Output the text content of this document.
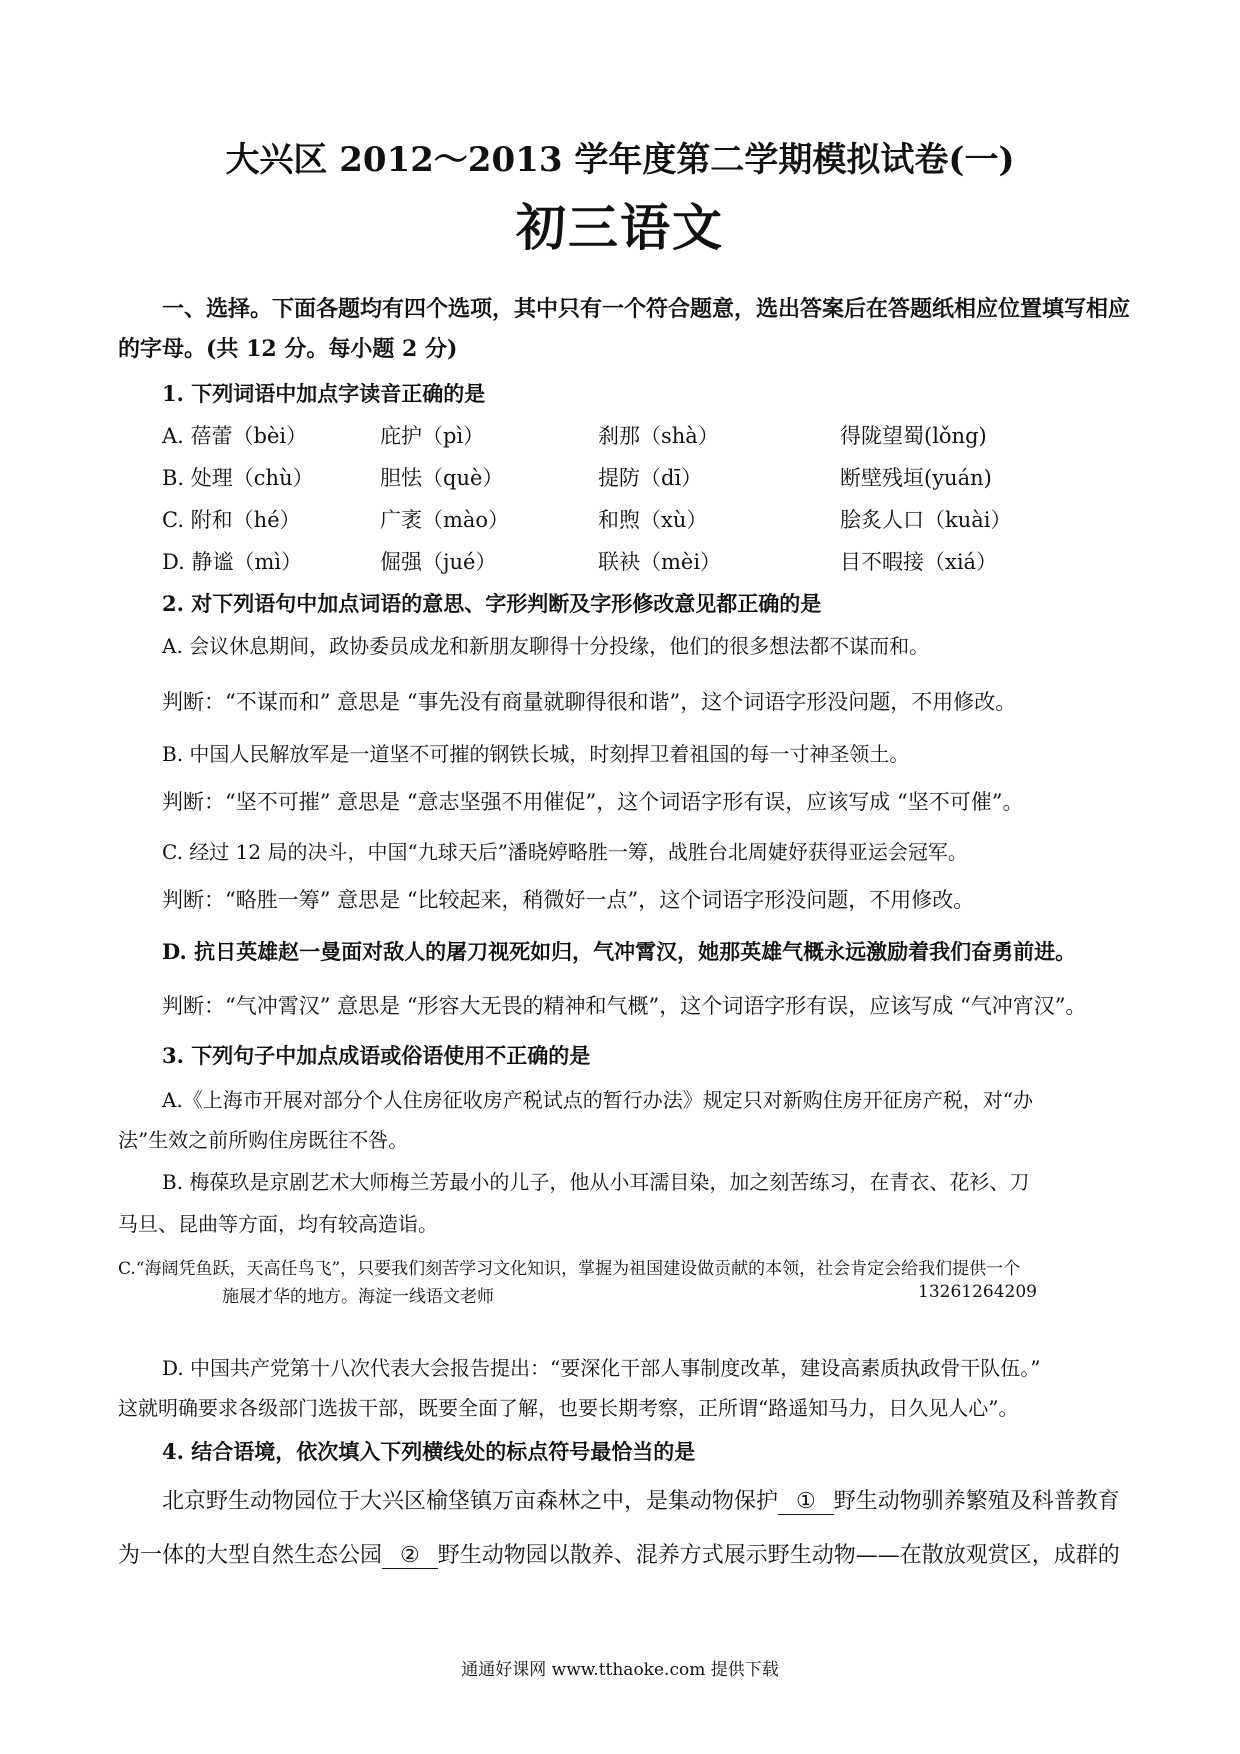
大兴区 2012～2013 学年度第二学期模拟试卷(一)
初三语文
一、选择。下面各题均有四个选项，其中只有一个符合题意，选出答案后在答题纸相应位置填写相应
的字母。(共 12 分。每小题 2 分)
1. 下列词语中加点字读音正确的是
A. 蓓蕾（bèi）	庇护（pì）	刹那（shà）	得陇望蜀(lǒng)
B. 处理（chù）	胆怯（què）	提防（dī）	断壁残垣(yuán)
C. 附和（hé）	广袤（mào）	和煦（xù）	脍炙人口（kuài）
D. 静谧（mì）	倔强（jué）	联袂（mèi）	目不暇接（xiá）
2. 对下列语句中加点词语的意思、字形判断及字形修改意见都正确的是
A. 会议休息期间，政协委员成龙和新朋友聊得十分投缘，他们的很多想法都不谋而和。
判断：“不谋而和” 意思是 “事先没有商量就聊得很和谐”，这个词语字形没问题，不用修改。
B. 中国人民解放军是一道坚不可摧的钢铁长城，时刻捍卫着祖国的每一寸神圣领土。
判断：“坚不可摧” 意思是 “意志坚强不用催促”，这个词语字形有误，应该写成 “坚不可催”。
C. 经过 12 局的决斗，中国“九球天后”潘晓婷略胜一筹，战胜台北周婕妤获得亚运会冠军。
判断：“略胜一筹” 意思是 “比较起来，稍微好一点”，这个词语字形没问题，不用修改。
D. 抗日英雄赵一曼面对敌人的屠刀视死如归，气冲霄汉，她那英雄气概永远激励着我们奋勇前进。
判断：“气冲霄汉” 意思是 “形容大无畏的精神和气概”，这个词语字形有误，应该写成 “气冲宵汉”。
3. 下列句子中加点成语或俗语使用不正确的是
A.《上海市开展对部分个人住房征收房产税试点的暂行办法》规定只对新购住房开征房产税，对“办
法”生效之前所购住房既往不咎。
B. 梅葆玖是京剧艺术大师梅兰芳最小的儿子，他从小耳濡目染，加之刻苦练习，在青衣、花衫、刀
马旦、昆曲等方面，均有较高造诣。
C.“海阔凭鱼跃，天高任鸟飞”，只要我们刻苦学习文化知识，掌握为祖国建设做贡献的本领，社会肯定会给我们提供一个
施展才华的地方。海淀一线语文老师	13261264209
D. 中国共产党第十八次代表大会报告提出：“要深化干部人事制度改革，建设高素质执政骨干队伍。”
这就明确要求各级部门选拔干部，既要全面了解，也要长期考察，正所谓“路遥知马力，日久见人心”。
4. 结合语境，依次填入下列横线处的标点符号最恰当的是
北京野生动物园位于大兴区榆垡镇万亩森林之中，是集动物保护 ① 野生动物驯养繁殖及科普教育
为一体的大型自然生态公园 ② 野生动物园以散养、混养方式展示野生动物——在散放观赏区，成群的
通通好课网 www.tthaoke.com 提供下载
